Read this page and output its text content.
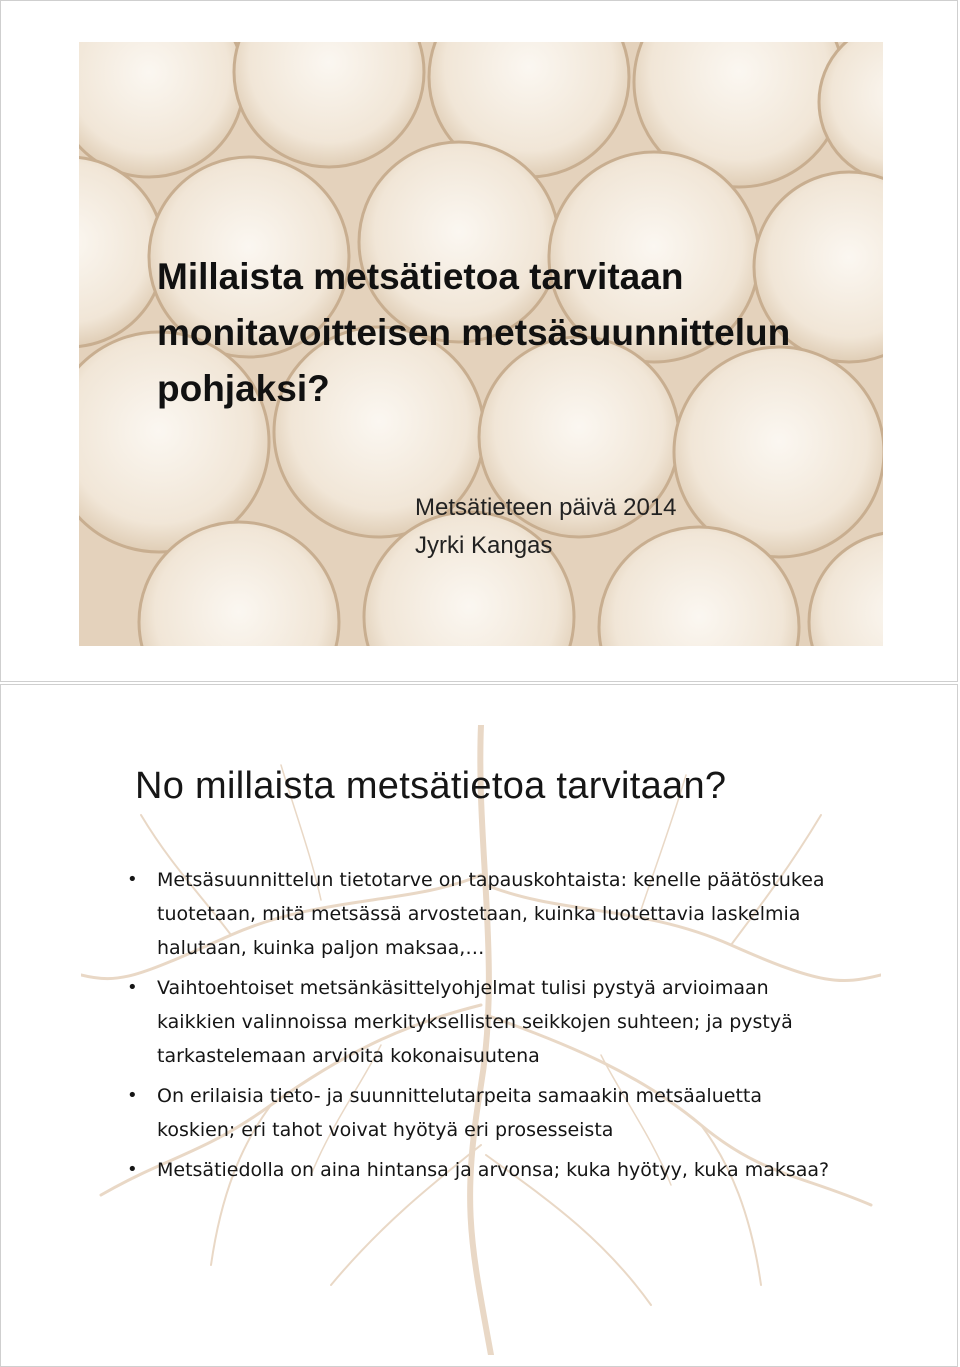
Millaista metsätietoa tarvitaan
monitavoitteisen metsäsuunnittelun
pohjaksi?
Metsätieteen päivä 2014
Jyrki Kangas
No millaista metsätietoa tarvitaan?
• Metsäsuunnittelun tietotarve on tapauskohtaista: kenelle päätöstukea tuotetaan, mitä metsässä arvostetaan, kuinka luotettavia laskelmia halutaan, kuinka paljon maksaa,…
• Vaihtoehtoiset metsänkäsittelyohjelmat tulisi pystyä arvioimaan kaikkien valinnoissa merkityksellisten seikkojen suhteen; ja pystyä tarkastelemaan arvioita kokonaisuutena
• On erilaisia tieto- ja suunnittelutarpeita samaakin metsäaluetta koskien; eri tahot voivat hyötyä eri prosesseista
• Metsätiedolla on aina hintansa ja arvonsa; kuka hyötyy, kuka maksaa?
